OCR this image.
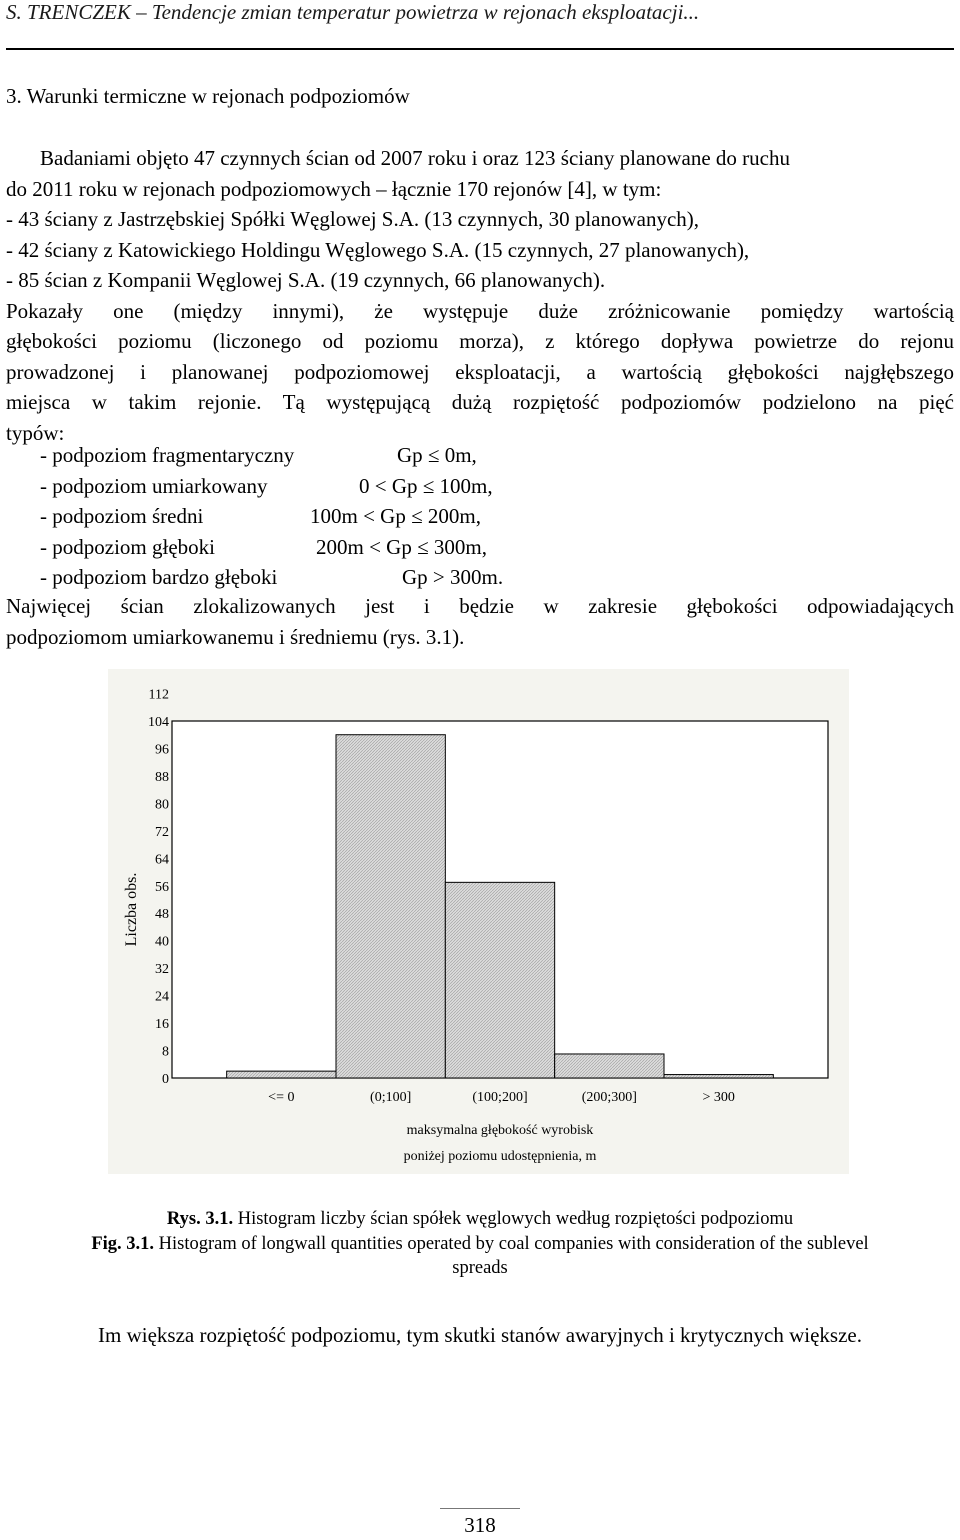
S. TRENCZEK – Tendencje zmian temperatur powietrza w rejonach eksploatacji...
3. Warunki termiczne w rejonach podpoziomów
Badaniami objęto 47 czynnych ścian od 2007 roku i oraz 123 ściany planowane do ruchu
do 2011 roku w rejonach podpoziomowych – łącznie 170 rejonów [4], w tym:
- 43 ściany z Jastrzębskiej Spółki Węglowej S.A. (13 czynnych, 30 planowanych),
- 42 ściany z Katowickiego Holdingu Węglowego S.A. (15 czynnych, 27 planowanych),
- 85 ścian z Kompanii Węglowej S.A. (19 czynnych, 66 planowanych).
Pokazały one (między innymi), że występuje duże zróżnicowanie pomiędzy wartością
głębokości poziomu (liczonego od poziomu morza), z którego dopływa powietrze do rejonu
prowadzonej i planowanej podpoziomowej eksploatacji, a wartością głębokości najgłębszego
miejsca w takim rejonie. Tą występującą dużą rozpiętość podpoziomów podzielono na pięć
typów:
- podpoziom fragmentaryczny	Gp ≤ 0m,
- podpoziom umiarkowany	0 < Gp ≤ 100m,
- podpoziom średni	100m < Gp ≤ 200m,
- podpoziom głęboki	200m < Gp ≤ 300m,
- podpoziom bardzo głęboki	Gp > 300m.
Najwięcej ścian zlokalizowanych jest i będzie w zakresie głębokości odpowiadających
podpoziomom umiarkowanemu i średniemu (rys. 3.1).
0
8
16
24
32
40
48
56
64
72
80
88
96
104
112
<= 0	(0;100]	(100;200]	(200;300]	> 300
Liczba obs.
maksymalna głębokość wyrobisk
poniżej poziomu udostępnienia, m
Rys. 3.1. Histogram liczby ścian spółek węglowych według rozpiętości podpoziomu
Fig. 3.1. Histogram of longwall quantities operated by coal companies with consideration of the sublevel
spreads
Im większa rozpiętość podpoziomu, tym skutki stanów awaryjnych i krytycznych większe.
318
